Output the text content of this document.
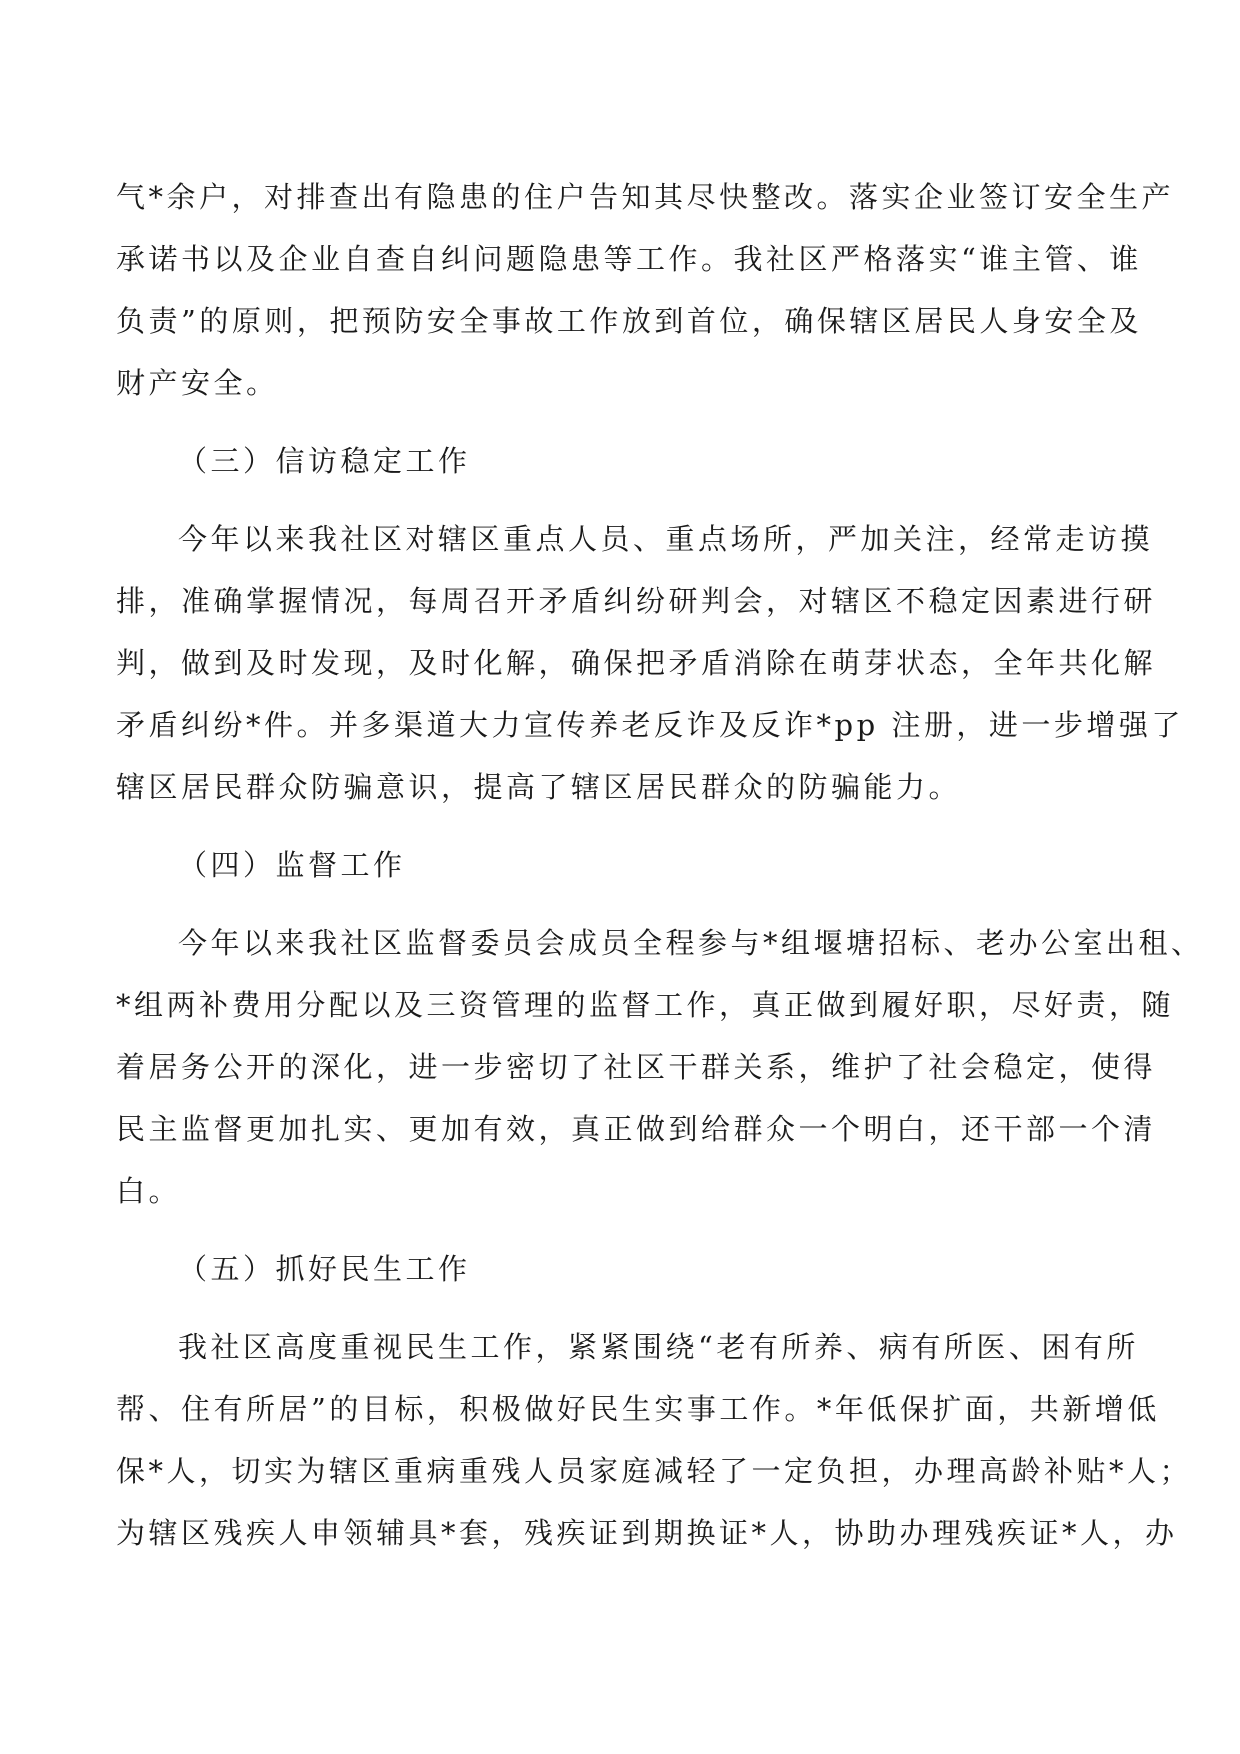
气*余户，对排查出有隐患的住户告知其尽快整改。落实企业签订安全生产
承诺书以及企业自查自纠问题隐患等工作。我社区严格落实“谁主管、谁
负责”的原则，把预防安全事故工作放到首位，确保辖区居民人身安全及
财产安全。
（三）信访稳定工作
今年以来我社区对辖区重点人员、重点场所，严加关注，经常走访摸
排，准确掌握情况，每周召开矛盾纠纷研判会，对辖区不稳定因素进行研
判，做到及时发现，及时化解，确保把矛盾消除在萌芽状态，全年共化解
矛盾纠纷*件。并多渠道大力宣传养老反诈及反诈*pp 注册，进一步增强了
辖区居民群众防骗意识，提高了辖区居民群众的防骗能力。
（四）监督工作
今年以来我社区监督委员会成员全程参与*组堰塘招标、老办公室出租、
*组两补费用分配以及三资管理的监督工作，真正做到履好职，尽好责，随
着居务公开的深化，进一步密切了社区干群关系，维护了社会稳定，使得
民主监督更加扎实、更加有效，真正做到给群众一个明白，还干部一个清
白。
（五）抓好民生工作
我社区高度重视民生工作，紧紧围绕“老有所养、病有所医、困有所
帮、住有所居”的目标，积极做好民生实事工作。*年低保扩面，共新增低
保*人，切实为辖区重病重残人员家庭减轻了一定负担，办理高龄补贴*人；
为辖区残疾人申领辅具*套，残疾证到期换证*人，协助办理残疾证*人，办
